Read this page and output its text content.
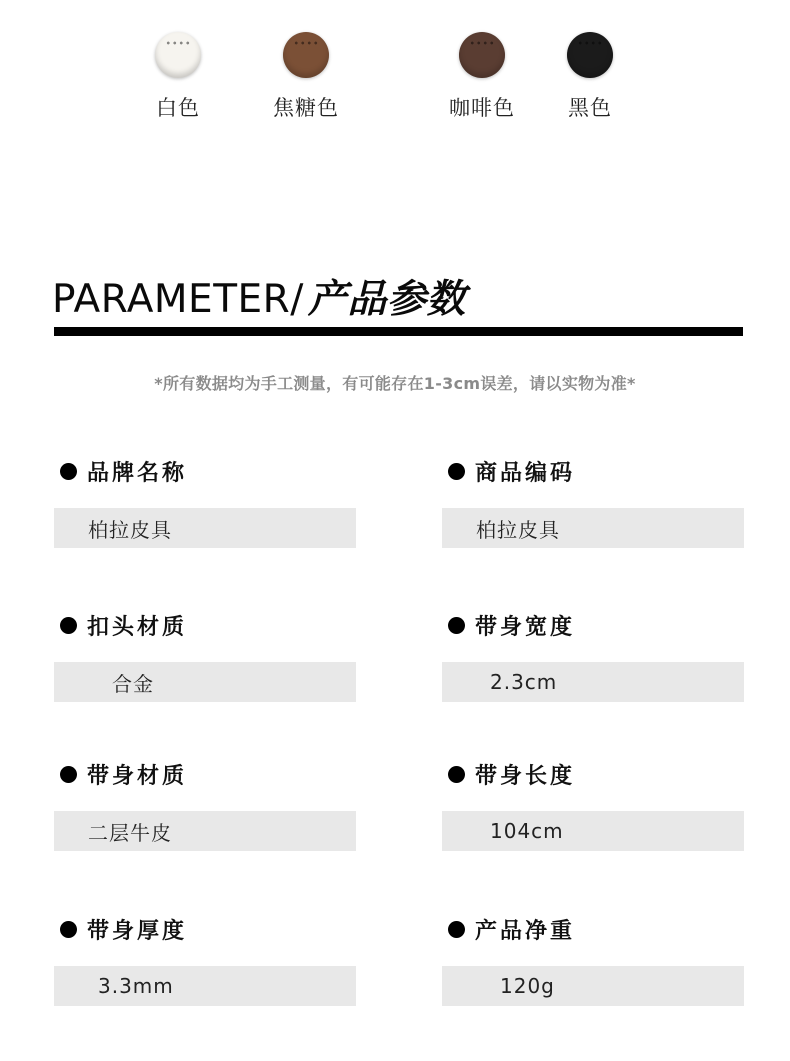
白色	焦糖色	咖啡色	黑色
PARAMETER/ 产品参数
*所有数据均为手工测量，有可能存在1-3cm误差，请以实物为准*
品牌名称
柏拉皮具
商品编码
柏拉皮具
扣头材质
合金
带身宽度
2.3cm
带身材质
二层牛皮
带身长度
104cm
带身厚度
3.3mm
产品净重
120g
